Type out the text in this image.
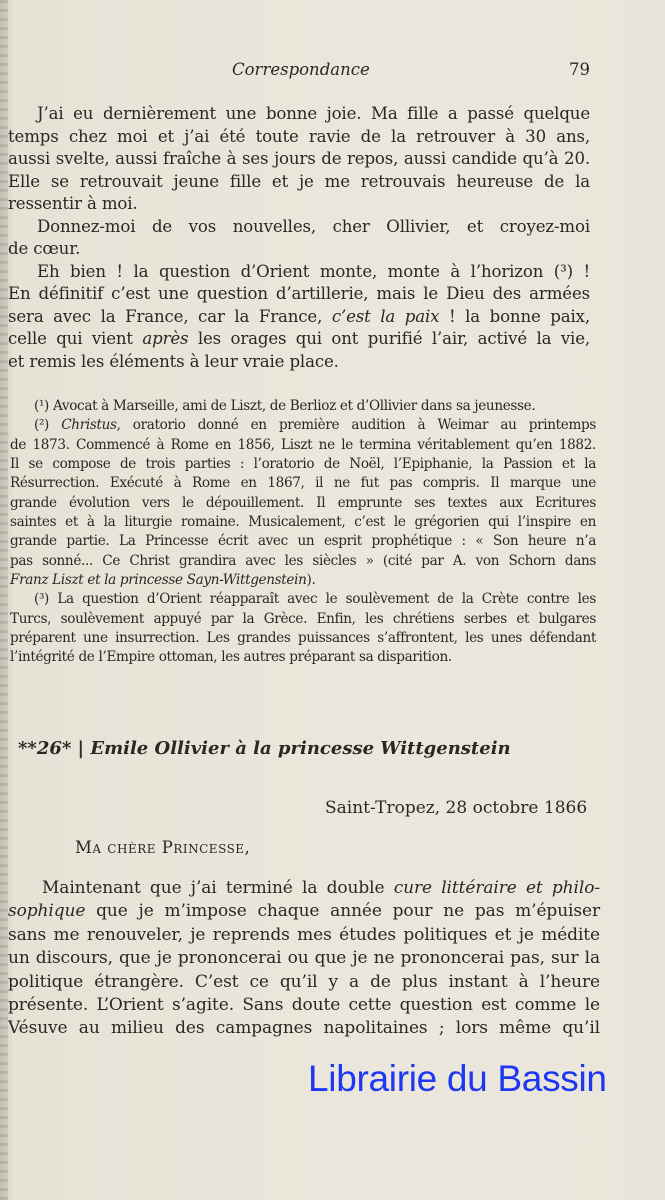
Correspondance	79
J’ai eu dernièrement une bonne joie. Ma fille a passé quelque
temps chez moi et j’ai été toute ravie de la retrouver à 30 ans,
aussi svelte, aussi fraîche à ses jours de repos, aussi candide qu’à 20.
Elle se retrouvait jeune fille et je me retrouvais heureuse de la
ressentir à moi.
Donnez-moi de vos nouvelles, cher Ollivier, et croyez-moi
de cœur.
Eh bien ! la question d’Orient monte, monte à l’horizon (³) !
En définitif c’est une question d’artillerie, mais le Dieu des armées
sera avec la France, car la France, c’est la paix ! la bonne paix,
celle qui vient après les orages qui ont purifié l’air, activé la vie,
et remis les éléments à leur vraie place.
(¹) Avocat à Marseille, ami de Liszt, de Berlioz et d’Ollivier dans sa jeunesse.
(²) Christus, oratorio donné en première audition à Weimar au printemps
de 1873. Commencé à Rome en 1856, Liszt ne le termina véritablement qu’en 1882.
Il se compose de trois parties : l’oratorio de Noël, l’Epiphanie, la Passion et la
Résurrection. Exécuté à Rome en 1867, il ne fut pas compris. Il marque une
grande évolution vers le dépouillement. Il emprunte ses textes aux Ecritures
saintes et à la liturgie romaine. Musicalement, c’est le grégorien qui l’inspire en
grande partie. La Princesse écrit avec un esprit prophétique : « Son heure n’a
pas sonné... Ce Christ grandira avec les siècles » (cité par A. von Schorn dans
Franz Liszt et la princesse Sayn-Wittgenstein).
(³) La question d’Orient réapparaît avec le soulèvement de la Crète contre les
Turcs, soulèvement appuyé par la Grèce. Enfin, les chrétiens serbes et bulgares
préparent une insurrection. Les grandes puissances s’affrontent, les unes défendant
l’intégrité de l’Empire ottoman, les autres préparant sa disparition.
**26* | Emile Ollivier à la princesse Wittgenstein
Saint-Tropez, 28 octobre 1866
Ma chère Princesse,
Maintenant que j’ai terminé la double cure littéraire et philo-
sophique que je m’impose chaque année pour ne pas m’épuiser
sans me renouveler, je reprends mes études politiques et je médite
un discours, que je prononcerai ou que je ne prononcerai pas, sur la
politique étrangère. C’est ce qu’il y a de plus instant à l’heure
présente. L’Orient s’agite. Sans doute cette question est comme le
Vésuve au milieu des campagnes napolitaines ; lors même qu’il
Librairie du Bassin
